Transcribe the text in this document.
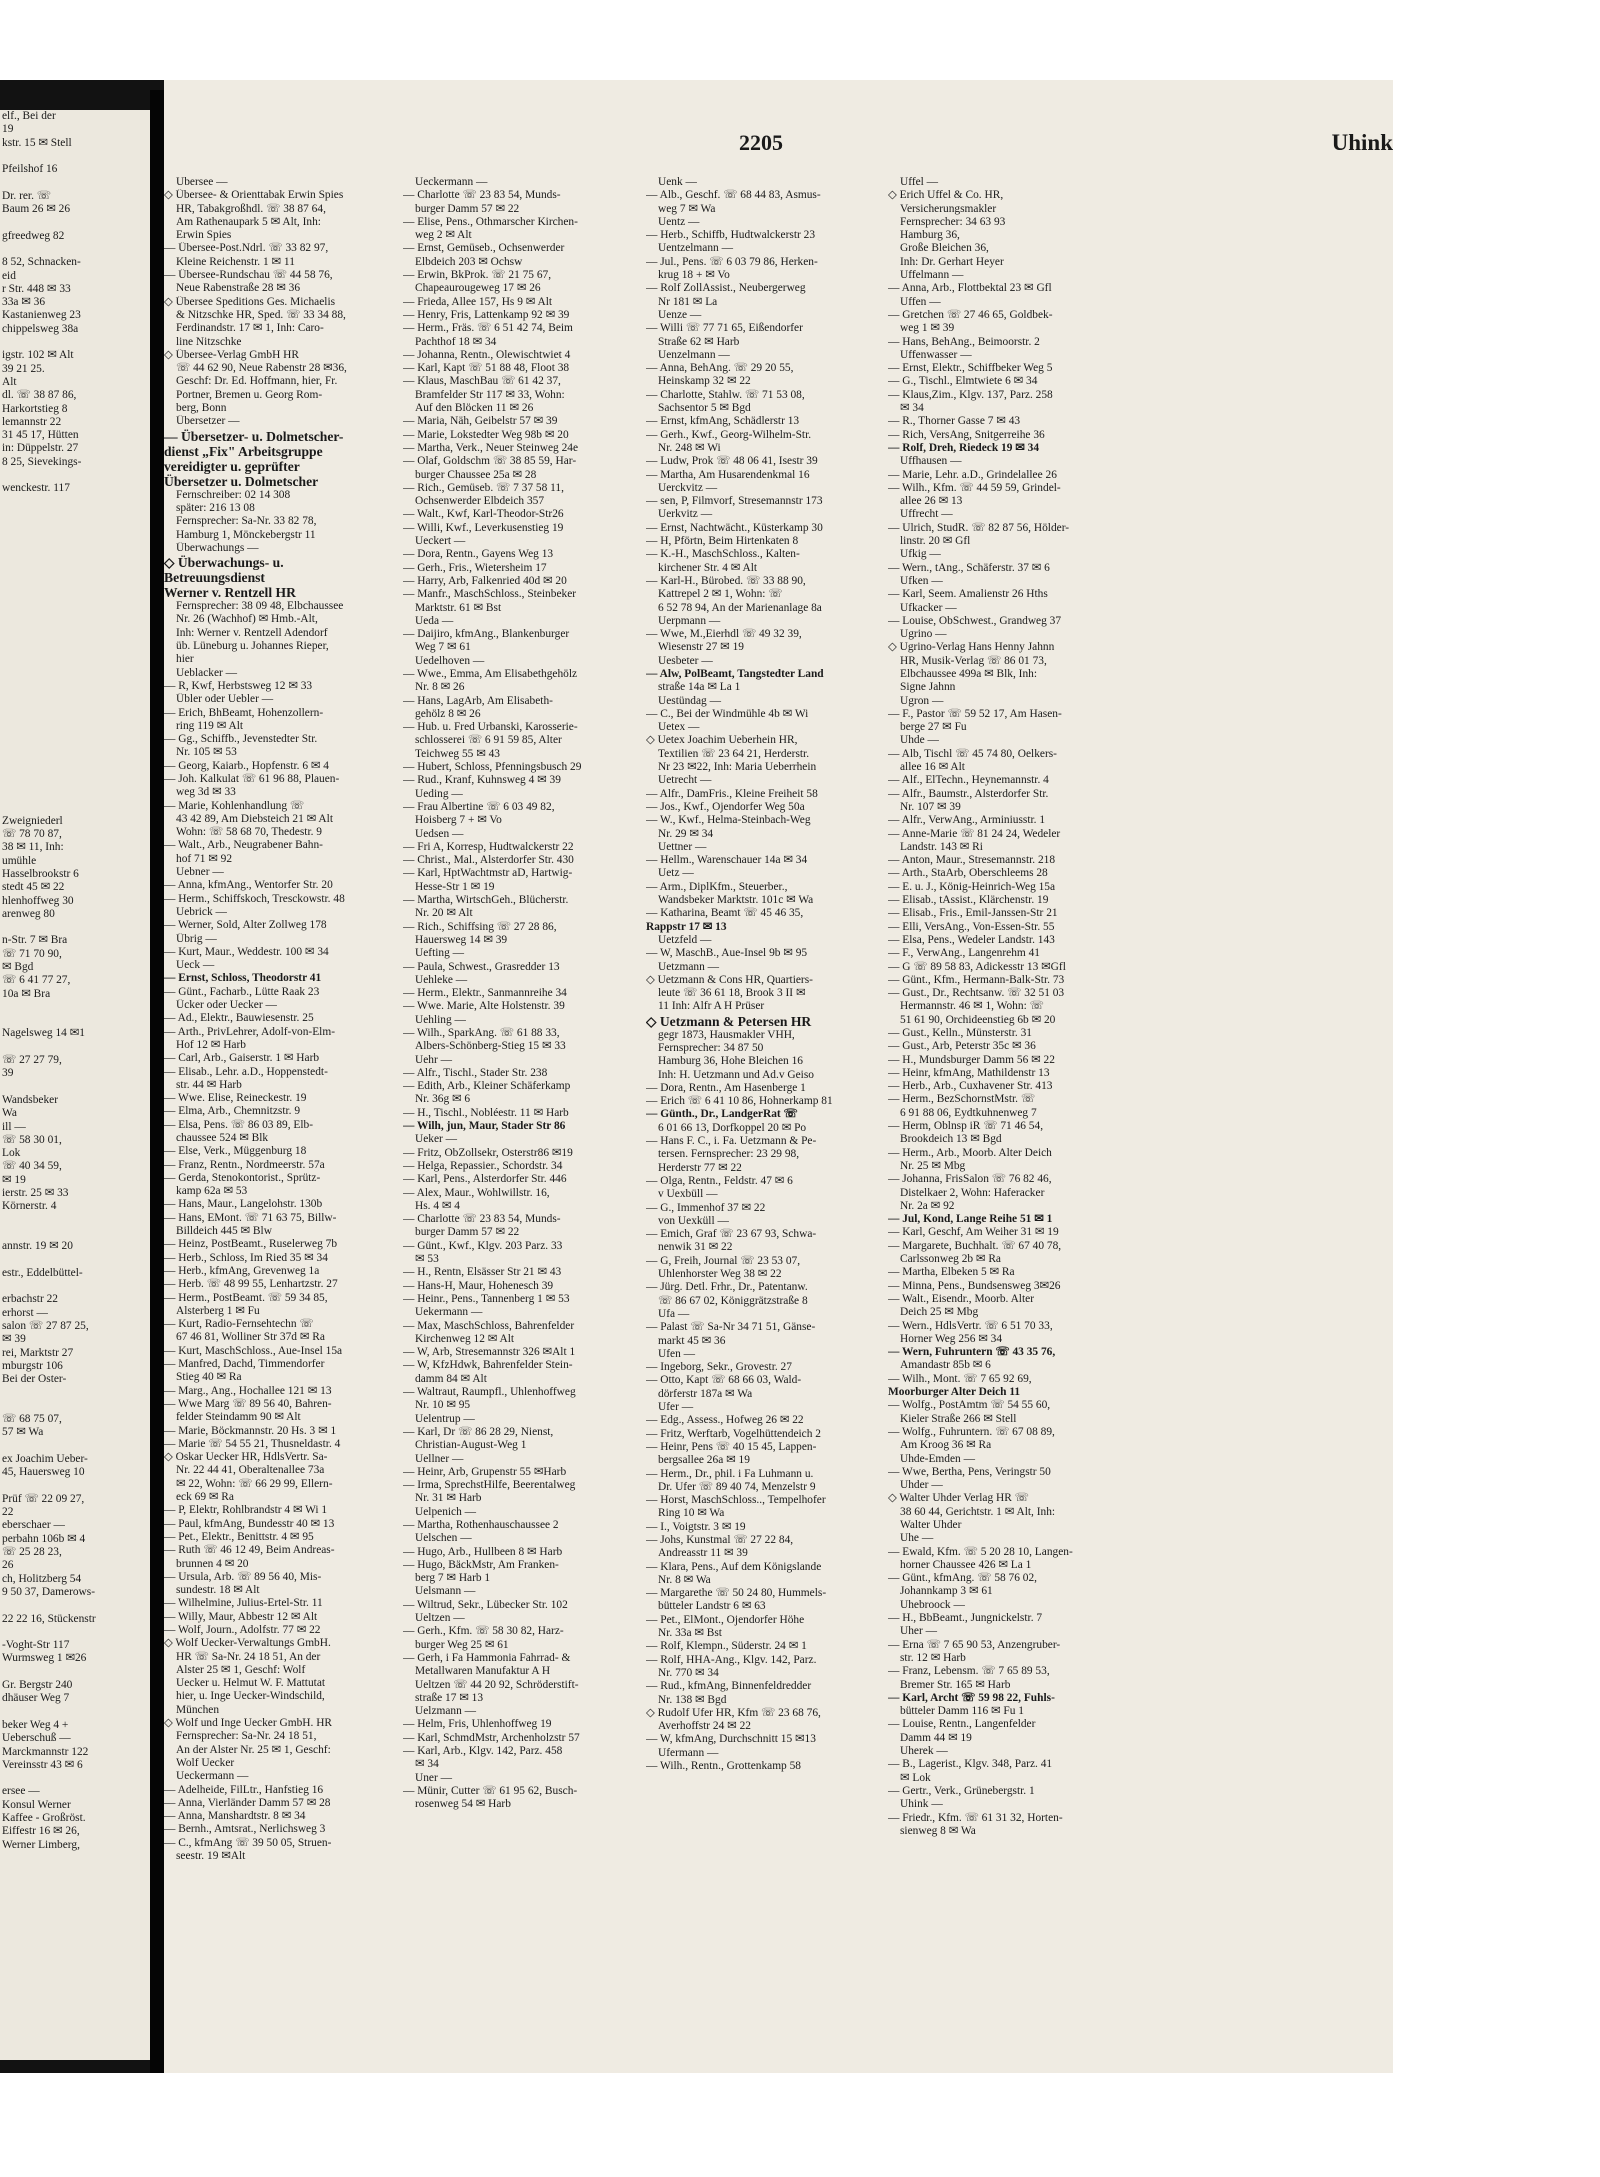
elf., Bei der
19
kstr. 15 ✉ Stell

Pfeilshof 16

Dr. rer. ☏
Baum 26 ✉ 26

gfreedweg 82

8 52, Schnacken-
eid
r Str. 448 ✉ 33
33a ✉ 36
Kastanienweg 23
chippelsweg 38a

igstr. 102 ✉ Alt
39 21 25.
Alt
dl. ☏ 38 87 86,
Harkortstieg 8
lemannstr 22
31 45 17, Hütten
in: Düppelstr. 27
8 25, Sievekings-

wenckestr. 117

Zweigniederl
☏ 78 70 87,
38 ✉ 11, Inh:
umühle
Hasselbrookstr 6
stedt 45 ✉ 22
hlenhoffweg 30
arenweg 80

n-Str. 7 ✉ Bra
☏ 71 70 90,
✉ Bgd
☏ 6 41 77 27,
10a ✉ Bra

Nagelsweg 14 ✉1

☏ 27 27 79,
39

Wandsbeker
Wa
ill —
☏ 58 30 01,
Lok
☏ 40 34 59,
✉ 19
ierstr. 25 ✉ 33
Körnerstr. 4

annstr. 19 ✉ 20

estr., Eddelbüttel-

erbachstr 22
erhorst —
salon ☏ 27 87 25,
✉ 39
rei, Marktstr 27
mburgstr 106
Bei der Oster-

☏ 68 75 07,
57 ✉ Wa

ex Joachim Ueber-
45, Hauersweg 10

Prüf ☏ 22 09 27,
22
eberschaer —
perbahn 106b ✉ 4
☏ 25 28 23,
26
ch, Holitzberg 54
9 50 37, Damerows-

22 22 16, Stückenstr

-Voght-Str 117
Wurmsweg 1 ✉26

Gr. Bergstr 240
dhäuser Weg 7

beker Weg 4 +
Ueberschuß —
Marckmannstr 122
Vereinsstr 43 ✉ 6

ersee —
Konsul Werner
Kaffee - Großröst.
Eiffestr 16 ✉ 26,
Werner Limberg,
2205	Uhink
Ubersee —
◇ Übersee- & Orienttabak Erwin Spies
HR, Tabakgroßhdl. ☏ 38 87 64,
Am Rathenaupark 5 ✉ Alt, Inh:
Erwin Spies
— Übersee-Post.Ndrl. ☏ 33 82 97,
Kleine Reichenstr. 1 ✉ 11
— Übersee-Rundschau ☏ 44 58 76,
Neue Rabenstraße 28 ✉ 36
◇ Übersee Speditions Ges. Michaelis
& Nitzschke HR, Sped. ☏ 33 34 88,
Ferdinandstr. 17 ✉ 1, Inh: Caro-
line Nitzschke
◇ Übersee-Verlag GmbH HR
☏ 44 62 90, Neue Rabenstr 28 ✉36,
Geschf: Dr. Ed. Hoffmann, hier, Fr.
Portner, Bremen u. Georg Rom-
berg, Bonn
Übersetzer —
— Übersetzer- u. Dolmetscher-
dienst „Fix" Arbeitsgruppe
vereidigter u. geprüfter
Übersetzer u. Dolmetscher
Fernschreiber: 02 14 308
später: 216 13 08
Fernsprecher: Sa-Nr. 33 82 78,
Hamburg 1, Mönckebergstr 11
Überwachungs —
◇ Überwachungs- u.
Betreuungsdienst
Werner v. Rentzell HR
Fernsprecher: 38 09 48, Elbchaussee
Nr. 26 (Wachhof) ✉ Hmb.-Alt,
Inh: Werner v. Rentzell Adendorf
üb. Lüneburg u. Johannes Rieper,
hier
Ueblacker —
— R, Kwf, Herbstsweg 12 ✉ 33
Übler oder Uebler —
— Erich, BhBeamt, Hohenzollern-
ring 119 ✉ Alt
— Gg., Schiffb., Jevenstedter Str.
Nr. 105 ✉ 53
— Georg, Kaiarb., Hopfenstr. 6 ✉ 4
— Joh. Kalkulat ☏ 61 96 88, Plauen-
weg 3d ✉ 33
— Marie, Kohlenhandlung ☏
43 42 89, Am Diebsteich 21 ✉ Alt
Wohn: ☏ 58 68 70, Thedestr. 9
— Walt., Arb., Neugrabener Bahn-
hof 71 ✉ 92
Uebner —
— Anna, kfmAng., Wentorfer Str. 20
— Herm., Schiffskoch, Tresckowstr. 48
Uebrick —
— Werner, Sold, Alter Zollweg 178
Übrig —
— Kurt, Maur., Weddestr. 100 ✉ 34
Ueck —
— Ernst, Schloss, Theodorstr 41
— Günt., Facharb., Lütte Raak 23
Ücker oder Uecker —
— Ad., Elektr., Bauwiesenstr. 25
— Arth., PrivLehrer, Adolf-von-Elm-
Hof 12 ✉ Harb
— Carl, Arb., Gaiserstr. 1 ✉ Harb
— Elisab., Lehr. a.D., Hoppenstedt-
str. 44 ✉ Harb
— Wwe. Elise, Reineckestr. 19
— Elma, Arb., Chemnitzstr. 9
— Elsa, Pens. ☏ 86 03 89, Elb-
chaussee 524 ✉ Blk
— Else, Verk., Müggenburg 18
— Franz, Rentn., Nordmeerstr. 57a
— Gerda, Stenokontorist., Sprütz-
kamp 62a ✉ 53
— Hans, Maur., Langelohstr. 130b
— Hans, EMont. ☏ 71 63 75, Billw-
Billdeich 445 ✉ Blw
— Heinz, PostBeamt., Ruselerweg 7b
— Herb., Schloss, Im Ried 35 ✉ 34
— Herb., kfmAng, Grevenweg 1a
— Herb. ☏ 48 99 55, Lenhartzstr. 27
— Herm., PostBeamt. ☏ 59 34 85,
Alsterberg 1 ✉ Fu
— Kurt, Radio-Fernsehtechn ☏
67 46 81, Wolliner Str 37d ✉ Ra
— Kurt, MaschSchloss., Aue-Insel 15a
— Manfred, Dachd, Timmendorfer
Stieg 40 ✉ Ra
— Marg., Ang., Hochallee 121 ✉ 13
— Wwe Marg ☏ 89 56 40, Bahren-
felder Steindamm 90 ✉ Alt
— Marie, Böckmannstr. 20 Hs. 3 ✉ 1
— Marie ☏ 54 55 21, Thusneldastr. 4
◇ Oskar Uecker HR, HdlsVertr. Sa-
Nr. 22 44 41, Oberaltenallee 73a
✉ 22, Wohn: ☏ 66 29 99, Ellern-
eck 69 ✉ Ra
— P, Elektr, Rohlbrandstr 4 ✉ Wi 1
— Paul, kfmAng, Bundesstr 40 ✉ 13
— Pet., Elektr., Benittstr. 4 ✉ 95
— Ruth ☏ 46 12 49, Beim Andreas-
brunnen 4 ✉ 20
— Ursula, Arb. ☏ 89 56 40, Mis-
sundestr. 18 ✉ Alt
— Wilhelmine, Julius-Ertel-Str. 11
— Willy, Maur, Abbestr 12 ✉ Alt
— Wolf, Journ., Adolfstr. 77 ✉ 22
◇ Wolf Uecker-Verwaltungs GmbH.
HR ☏ Sa-Nr. 24 18 51, An der
Alster 25 ✉ 1, Geschf: Wolf
Uecker u. Helmut W. F. Mattutat
hier, u. Inge Uecker-Windschild,
München
◇ Wolf und Inge Uecker GmbH. HR
Fernsprecher: Sa-Nr. 24 18 51,
An der Alster Nr. 25 ✉ 1, Geschf:
Wolf Uecker
Ueckermann —
— Adelheide, FilLtr., Hanfstieg 16
— Anna, Vierländer Damm 57 ✉ 28
— Anna, Manshardtstr. 8 ✉ 34
— Bernh., Amtsrat., Nerlichsweg 3
— C., kfmAng ☏ 39 50 05, Struen-
seestr. 19 ✉Alt
Ueckermann —
— Charlotte ☏ 23 83 54, Munds-
burger Damm 57 ✉ 22
— Elise, Pens., Othmarscher Kirchen-
weg 2 ✉ Alt
— Ernst, Gemüseb., Ochsenwerder
Elbdeich 203 ✉ Ochsw
— Erwin, BkProk. ☏ 21 75 67,
Chapeaurougeweg 17 ✉ 26
— Frieda, Allee 157, Hs 9 ✉ Alt
— Henry, Fris, Lattenkamp 92 ✉ 39
— Herm., Fräs. ☏ 6 51 42 74, Beim
Pachthof 18 ✉ 34
— Johanna, Rentn., Olewischtwiet 4
— Karl, Kapt ☏ 51 88 48, Floot 38
— Klaus, MaschBau ☏ 61 42 37,
Bramfelder Str 117 ✉ 33, Wohn:
Auf den Blöcken 11 ✉ 26
— Maria, Näh, Geibelstr 57 ✉ 39
— Marie, Lokstedter Weg 98b ✉ 20
— Martha, Verk., Neuer Steinweg 24e
— Olaf, Goldschm ☏ 38 85 59, Har-
burger Chaussee 25a ✉ 28
— Rich., Gemüseb. ☏ 7 37 58 11,
Ochsenwerder Elbdeich 357
— Walt., Kwf, Karl-Theodor-Str26
— Willi, Kwf., Leverkusenstieg 19
Ueckert —
— Dora, Rentn., Gayens Weg 13
— Gerh., Fris., Wietersheim 17
— Harry, Arb, Falkenried 40d ✉ 20
— Manfr., MaschSchloss., Steinbeker
Marktstr. 61 ✉ Bst
Ueda —
— Daijiro, kfmAng., Blankenburger
Weg 7 ✉ 61
Uedelhoven —
— Wwe., Emma, Am Elisabethgehölz
Nr. 8 ✉ 26
— Hans, LagArb, Am Elisabeth-
gehölz 8 ✉ 26
— Hub. u. Fred Urbanski, Karosserie-
schlosserei ☏ 6 91 59 85, Alter
Teichweg 55 ✉ 43
— Hubert, Schloss, Pfenningsbusch 29
— Rud., Kranf, Kuhnsweg 4 ✉ 39
Ueding —
— Frau Albertine ☏ 6 03 49 82,
Hoisberg 7 + ✉ Vo
Uedsen —
— Fri A, Korresp, Hudtwalckerstr 22
— Christ., Mal., Alsterdorfer Str. 430
— Karl, HptWachtmstr aD, Hartwig-
Hesse-Str 1 ✉ 19
— Martha, WirtschGeh., Blücherstr.
Nr. 20 ✉ Alt
— Rich., Schiffsing ☏ 27 28 86,
Hauersweg 14 ✉ 39
Uefting —
— Paula, Schwest., Grasredder 13
Uehleke —
— Herm., Elektr., Sanmannreihe 34
— Wwe. Marie, Alte Holstenstr. 39
Uehling —
— Wilh., SparkAng. ☏ 61 88 33,
Albers-Schönberg-Stieg 15 ✉ 33
Uehr —
— Alfr., Tischl., Stader Str. 238
— Edith, Arb., Kleiner Schäferkamp
Nr. 36g ✉ 6
— H., Tischl., Nobléestr. 11 ✉ Harb
— Wilh, jun, Maur, Stader Str 86
Ueker —
— Fritz, ObZollsekr, Osterstr86 ✉19
— Helga, Repassier., Schordstr. 34
— Karl, Pens., Alsterdorfer Str. 446
— Alex, Maur., Wohlwillstr. 16,
Hs. 4 ✉ 4
— Charlotte ☏ 23 83 54, Munds-
burger Damm 57 ✉ 22
— Günt., Kwf., Klgv. 203 Parz. 33
✉ 53
— H., Rentn, Elsässer Str 21 ✉ 43
— Hans-H, Maur, Hohenesch 39
— Heinr., Pens., Tannenberg 1 ✉ 53
Uekermann —
— Max, MaschSchloss, Bahrenfelder
Kirchenweg 12 ✉ Alt
— W, Arb, Stresemannstr 326 ✉Alt 1
— W, KfzHdwk, Bahrenfelder Stein-
damm 84 ✉ Alt
— Waltraut, Raumpfl., Uhlenhoffweg
Nr. 10 ✉ 95
Uelentrup —
— Karl, Dr ☏ 86 28 29, Nienst,
Christian-August-Weg 1
Uellner —
— Heinr, Arb, Grupenstr 55 ✉Harb
— Irma, SprechstHilfe, Beerentalweg
Nr. 31 ✉ Harb
Uelpenich —
— Martha, Rothenhauschaussee 2
Uelschen —
— Hugo, Arb., Hullbeen 8 ✉ Harb
— Hugo, BäckMstr, Am Franken-
berg 7 ✉ Harb 1
Uelsmann —
— Wiltrud, Sekr., Lübecker Str. 102
Ueltzen —
— Gerh., Kfm. ☏ 58 30 82, Harz-
burger Weg 25 ✉ 61
— Gerh, i Fa Hammonia Fahrrad- &
Metallwaren Manufaktur A H
Ueltzen ☏ 44 20 92, Schröderstift-
straße 17 ✉ 13
Uelzmann —
— Helm, Fris, Uhlenhoffweg 19
— Karl, SchmdMstr, Archenholzstr 57
— Karl, Arb., Klgv. 142, Parz. 458
✉ 34
Uner —
— Münir, Cutter ☏ 61 95 62, Busch-
rosenweg 54 ✉ Harb
Uenk —
— Alb., Geschf. ☏ 68 44 83, Asmus-
weg 7 ✉ Wa
Uentz —
— Herb., Schiffb, Hudtwalckerstr 23
Uentzelmann —
— Jul., Pens. ☏ 6 03 79 86, Herken-
krug 18 + ✉ Vo
— Rolf ZollAssist., Neubergerweg
Nr 181 ✉ La
Uenze —
— Willi ☏ 77 71 65, Eißendorfer
Straße 62 ✉ Harb
Uenzelmann —
— Anna, BehAng. ☏ 29 20 55,
Heinskamp 32 ✉ 22
— Charlotte, Stahlw. ☏ 71 53 08,
Sachsentor 5 ✉ Bgd
— Ernst, kfmAng, Schädlerstr 13
— Gerh., Kwf., Georg-Wilhelm-Str.
Nr. 248 ✉ Wi
— Ludw, Prok ☏ 48 06 41, Isestr 39
— Martha, Am Husarendenkmal 16
Uerckvitz —
— sen, P, Filmvorf, Stresemannstr 173
Uerkvitz —
— Ernst, Nachtwächt., Küsterkamp 30
— H, Pförtn, Beim Hirtenkaten 8
— K.-H., MaschSchloss., Kalten-
kirchener Str. 4 ✉ Alt
— Karl-H., Bürobed. ☏ 33 88 90,
Kattrepel 2 ✉ 1, Wohn: ☏
6 52 78 94, An der Marienanlage 8a
Uerpmann —
— Wwe, M.,Eierhdl ☏ 49 32 39,
Wiesenstr 27 ✉ 19
Uesbeter —
— Alw, PolBeamt, Tangstedter Land
straße 14a ✉ La 1
Uestündag —
— C., Bei der Windmühle 4b ✉ Wi
Uetex —
◇ Uetex Joachim Ueberhein HR,
Textilien ☏ 23 64 21, Herderstr.
Nr 23 ✉22, Inh: Maria Ueberrhein
Uetrecht —
— Alfr., DamFris., Kleine Freiheit 58
— Jos., Kwf., Ojendorfer Weg 50a
— W., Kwf., Helma-Steinbach-Weg
Nr. 29 ✉ 34
Uettner —
— Hellm., Warenschauer 14a ✉ 34
Uetz —
— Arm., DiplKfm., Steuerber.,
Wandsbeker Marktstr. 101c ✉ Wa
— Katharina, Beamt ☏ 45 46 35,
Rappstr 17 ✉ 13
Uetzfeld —
— W, MaschB., Aue-Insel 9b ✉ 95
Uetzmann —
◇ Uetzmann & Cons HR, Quartiers-
leute ☏ 36 61 18, Brook 3 II ✉
11 Inh: Alfr A H Prüser
◇ Uetzmann & Petersen HR
gegr 1873, Hausmakler VHH,
Fernsprecher: 34 87 50
Hamburg 36, Hohe Bleichen 16
Inh: H. Uetzmann und Ad.v Geiso
— Dora, Rentn., Am Hasenberge 1
— Erich ☏ 6 41 10 86, Hohnerkamp 81
— Günth., Dr., LandgerRat ☏
6 01 66 13, Dorfkoppel 20 ✉ Po
— Hans F. C., i. Fa. Uetzmann & Pe-
tersen. Fernsprecher: 23 29 98,
Herderstr 77 ✉ 22
— Olga, Rentn., Feldstr. 47 ✉ 6
v Uexbüll —
— G., Immenhof 37 ✉ 22
von Uexküll —
— Emich, Graf ☏ 23 67 93, Schwa-
nenwik 31 ✉ 22
— G, Freih, Journal ☏ 23 53 07,
Uhlenhorster Weg 38 ✉ 22
— Jürg. Detl. Frhr., Dr., Patentanw.
☏ 86 67 02, Königgrätzstraße 8
Ufa —
— Palast ☏ Sa-Nr 34 71 51, Gänse-
markt 45 ✉ 36
Ufen —
— Ingeborg, Sekr., Grovestr. 27
— Otto, Kapt ☏ 68 66 03, Wald-
dörferstr 187a ✉ Wa
Ufer —
— Edg., Assess., Hofweg 26 ✉ 22
— Fritz, Werftarb, Vogelhüttendeich 2
— Heinr, Pens ☏ 40 15 45, Lappen-
bergsallee 26a ✉ 19
— Herm., Dr., phil. i Fa Luhmann u.
Dr. Ufer ☏ 89 40 74, Menzelstr 9
— Horst, MaschSchloss.., Tempelhofer
Ring 10 ✉ Wa
— I., Voigtstr. 3 ✉ 19
— Johs, Kunstmal ☏ 27 22 84,
Andreasstr 11 ✉ 39
— Klara, Pens., Auf dem Königslande
Nr. 8 ✉ Wa
— Margarethe ☏ 50 24 80, Hummels-
bütteler Landstr 6 ✉ 63
— Pet., ElMont., Ojendorfer Höhe
Nr. 33a ✉ Bst
— Rolf, Klempn., Süderstr. 24 ✉ 1
— Rolf, HHA-Ang., Klgv. 142, Parz.
Nr. 770 ✉ 34
— Rud., kfmAng, Binnenfeldredder
Nr. 138 ✉ Bgd
◇ Rudolf Ufer HR, Kfm ☏ 23 68 76,
Averhoffstr 24 ✉ 22
— W, kfmAng, Durchschnitt 15 ✉13
Ufermann —
— Wilh., Rentn., Grottenkamp 58
Uffel —
◇ Erich Uffel & Co. HR,
Versicherungsmakler
Fernsprecher: 34 63 93
Hamburg 36,
Große Bleichen 36,
Inh: Dr. Gerhart Heyer
Uffelmann —
— Anna, Arb., Flottbektal 23 ✉ Gfl
Uffen —
— Gretchen ☏ 27 46 65, Goldbek-
weg 1 ✉ 39
— Hans, BehAng., Beimoorstr. 2
Uffenwasser —
— Ernst, Elektr., Schiffbeker Weg 5
— G., Tischl., Elmtwiete 6 ✉ 34
— Klaus,Zim., Klgv. 137, Parz. 258
✉ 34
— R., Thorner Gasse 7 ✉ 43
— Rich, VersAng, Snitgerreihe 36
— Rolf, Dreh, Riedeck 19 ✉ 34
Uffhausen —
— Marie, Lehr. a.D., Grindelallee 26
— Wilh., Kfm. ☏ 44 59 59, Grindel-
allee 26 ✉ 13
Uffrecht —
— Ulrich, StudR. ☏ 82 87 56, Hölder-
linstr. 20 ✉ Gfl
Ufkig —
— Wern., tAng., Schäferstr. 37 ✉ 6
Ufken —
— Karl, Seem. Amalienstr 26 Hths
Ufkacker —
— Louise, ObSchwest., Grandweg 37
Ugrino —
◇ Ugrino-Verlag Hans Henny Jahnn
HR, Musik-Verlag ☏ 86 01 73,
Elbchaussee 499a ✉ Blk, Inh:
Signe Jahnn
Ugron —
— F., Pastor ☏ 59 52 17, Am Hasen-
berge 27 ✉ Fu
Uhde —
— Alb, Tischl ☏ 45 74 80, Oelkers-
allee 16 ✉ Alt
— Alf., ElTechn., Heynemannstr. 4
— Alfr., Baumstr., Alsterdorfer Str.
Nr. 107 ✉ 39
— Alfr., VerwAng., Arminiusstr. 1
— Anne-Marie ☏ 81 24 24, Wedeler
Landstr. 143 ✉ Ri
— Anton, Maur., Stresemannstr. 218
— Arth., StaArb, Oberschleems 28
— E. u. J., König-Heinrich-Weg 15a
— Elisab., tAssist., Klärchenstr. 19
— Elisab., Fris., Emil-Janssen-Str 21
— Elli, VersAng., Von-Essen-Str. 55
— Elsa, Pens., Wedeler Landstr. 143
— F., VerwAng., Langenrehm 41
— G ☏ 89 58 83, Adickesstr 13 ✉Gfl
— Günt., Kfm., Hermann-Balk-Str. 73
— Gust., Dr., Rechtsanw. ☏ 32 51 03
Hermannstr. 46 ✉ 1, Wohn: ☏
51 61 90, Orchideenstieg 6b ✉ 20
— Gust., Kelln., Münsterstr. 31
— Gust., Arb, Peterstr 35c ✉ 36
— H., Mundsburger Damm 56 ✉ 22
— Heinr, kfmAng, Mathildenstr 13
— Herb., Arb., Cuxhavener Str. 413
— Herm., BezSchornstMstr. ☏
6 91 88 06, Eydtkuhnenweg 7
— Herm, Oblnsp iR ☏ 71 46 54,
Brookdeich 13 ✉ Bgd
— Herm., Arb., Moorb. Alter Deich
Nr. 25 ✉ Mbg
— Johanna, FrisSalon ☏ 76 82 46,
Distelkaer 2, Wohn: Haferacker
Nr. 2a ✉ 92
— Jul, Kond, Lange Reihe 51 ✉ 1
— Karl, Geschf, Am Weiher 31 ✉ 19
— Margarete, Buchhalt. ☏ 67 40 78,
Carlssonweg 2b ✉ Ra
— Martha, Elbeken 5 ✉ Ra
— Minna, Pens., Bundsensweg 3✉26
— Walt., Eisendr., Moorb. Alter
Deich 25 ✉ Mbg
— Wern., HdlsVertr. ☏ 6 51 70 33,
Horner Weg 256 ✉ 34
— Wern, Fuhruntern ☏ 43 35 76,
Amandastr 85b ✉ 6
— Wilh., Mont. ☏ 7 65 92 69,
Moorburger Alter Deich 11
— Wolfg., PostAmtm ☏ 54 55 60,
Kieler Straße 266 ✉ Stell
— Wolfg., Fuhruntern. ☏ 67 08 89,
Am Kroog 36 ✉ Ra
Uhde-Emden —
— Wwe, Bertha, Pens, Veringstr 50
Uhder —
◇ Walter Uhder Verlag HR ☏
38 60 44, Gerichtstr. 1 ✉ Alt, Inh:
Walter Uhder
Uhe —
— Ewald, Kfm. ☏ 5 20 28 10, Langen-
horner Chaussee 426 ✉ La 1
— Günt., kfmAng. ☏ 58 76 02,
Johannkamp 3 ✉ 61
Uhebroock —
— H., BbBeamt., Jungnickelstr. 7
Uher —
— Erna ☏ 7 65 90 53, Anzengruber-
str. 12 ✉ Harb
— Franz, Lebensm. ☏ 7 65 89 53,
Bremer Str. 165 ✉ Harb
— Karl, Archt ☏ 59 98 22, Fuhls-
bütteler Damm 116 ✉ Fu 1
— Louise, Rentn., Langenfelder
Damm 44 ✉ 19
Uherek —
— B., Lagerist., Klgv. 348, Parz. 41
✉ Lok
— Gertr., Verk., Grünebergstr. 1
Uhink —
— Friedr., Kfm. ☏ 61 31 32, Horten-
sienweg 8 ✉ Wa
